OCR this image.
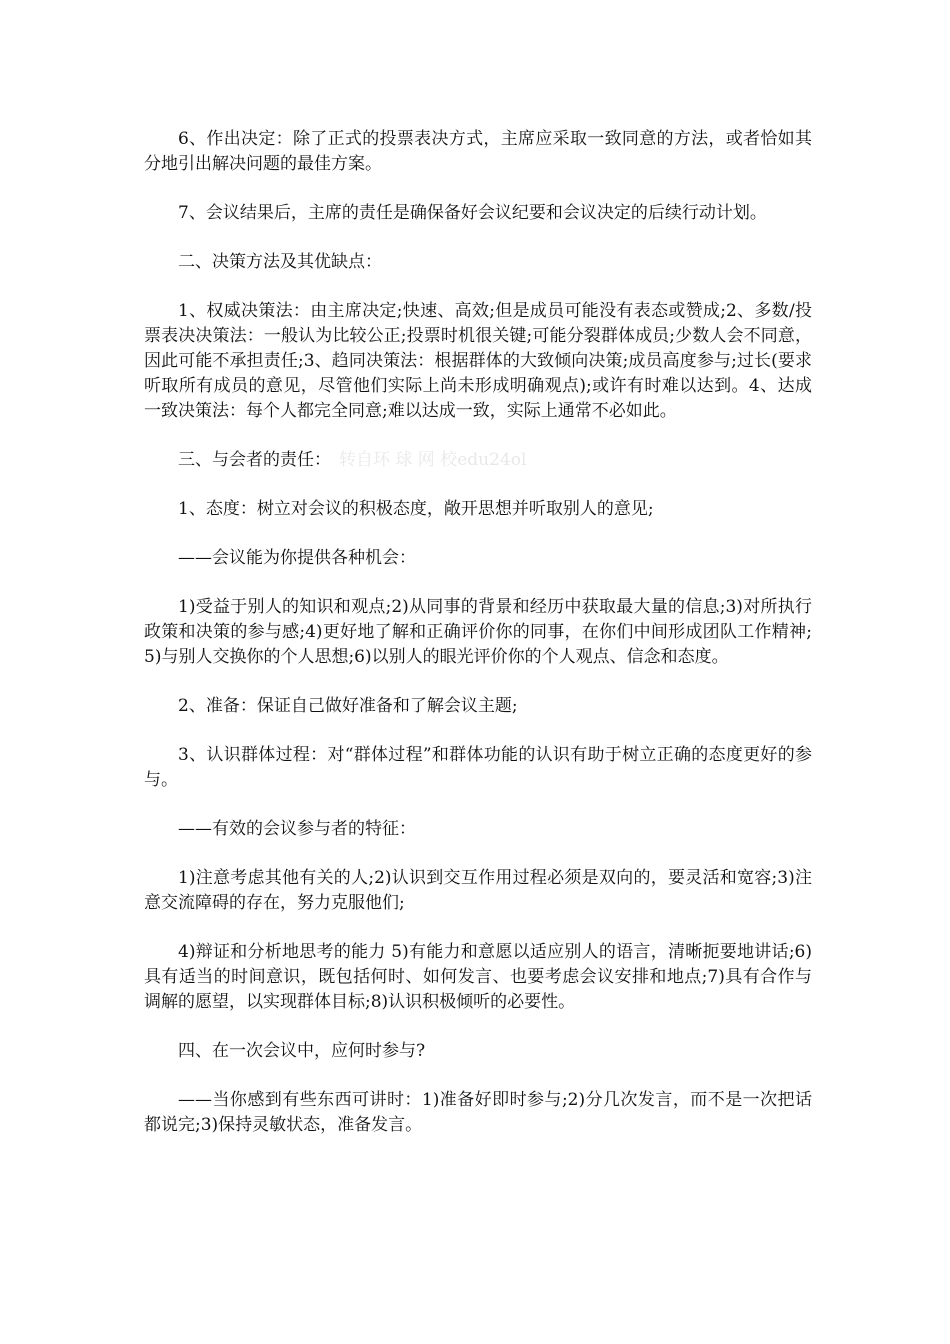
6、作出决定：除了正式的投票表决方式，主席应采取一致同意的方法，或者恰如其分地引出解决问题的最佳方案。

7、会议结果后，主席的责任是确保备好会议纪要和会议决定的后续行动计划。

二、决策方法及其优缺点：

1、权威决策法：由主席决定;快速、高效;但是成员可能没有表态或赞成;2、多数/投票表决决策法：一般认为比较公正;投票时机很关键;可能分裂群体成员;少数人会不同意，因此可能不承担责任;3、趋同决策法：根据群体的大致倾向决策;成员高度参与;过长(要求听取所有成员的意见，尽管他们实际上尚未形成明确观点);或许有时难以达到。4、达成一致决策法：每个人都完全同意;难以达成一致，实际上通常不必如此。

三、与会者的责任： 转自环 球 网 校edu24ol

1、态度：树立对会议的积极态度，敞开思想并听取别人的意见;

——会议能为你提供各种机会：

1)受益于别人的知识和观点;2)从同事的背景和经历中获取最大量的信息;3)对所执行政策和决策的参与感;4)更好地了解和正确评价你的同事，在你们中间形成团队工作精神;5)与别人交换你的个人思想;6)以别人的眼光评价你的个人观点、信念和态度。

2、准备：保证自己做好准备和了解会议主题;

3、认识群体过程：对“群体过程”和群体功能的认识有助于树立正确的态度更好的参与。

——有效的会议参与者的特征：

1)注意考虑其他有关的人;2)认识到交互作用过程必须是双向的，要灵活和宽容;3)注意交流障碍的存在，努力克服他们;

4)辩证和分析地思考的能力 5)有能力和意愿以适应别人的语言，清晰扼要地讲话;6)具有适当的时间意识，既包括何时、如何发言、也要考虑会议安排和地点;7)具有合作与调解的愿望，以实现群体目标;8)认识积极倾听的必要性。

四、在一次会议中，应何时参与?

——当你感到有些东西可讲时：1)准备好即时参与;2)分几次发言，而不是一次把话都说完;3)保持灵敏状态，准备发言。
